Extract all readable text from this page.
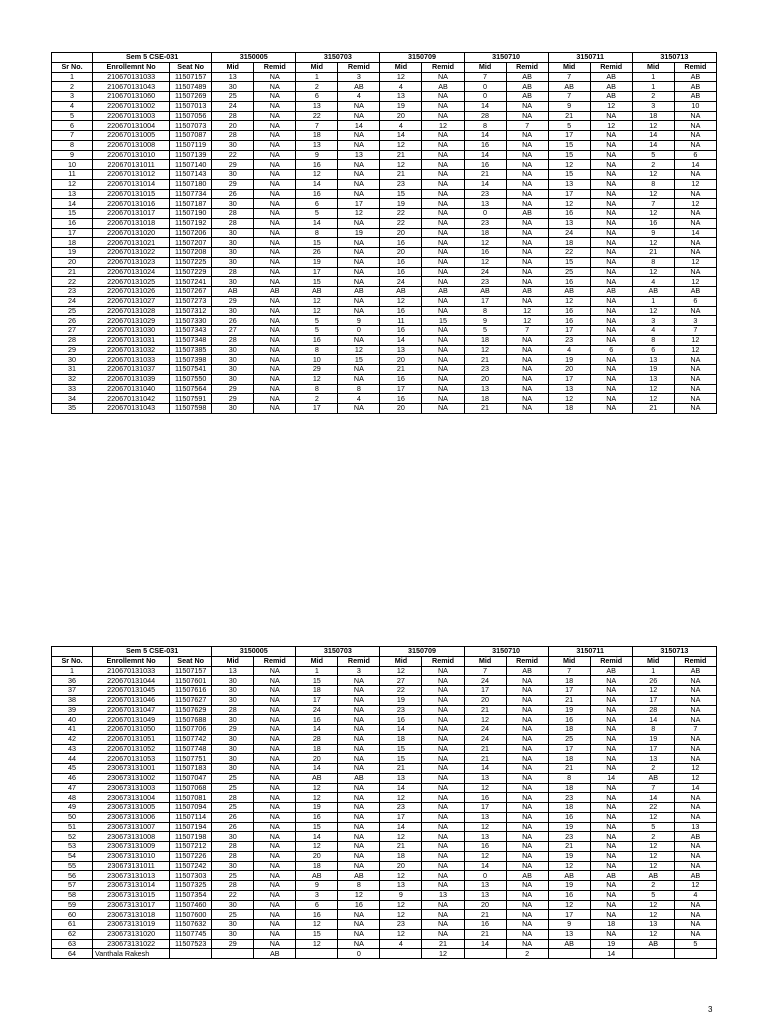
	Sem 5 CSE-031		3150005		3150703		3150709		3150710		3150711		3150713	
Sr No.	Enrollemnt No	Seat No	Mid	Remid	Mid	Remid	Mid	Remid	Mid	Remid	Mid	Remid	Mid	Remid
1	210670131033	11507157	13	NA	1	3	12	NA	7	AB	7	AB	1	AB
2	210670131043	11507489	30	NA	2	AB	4	AB	0	AB	AB	AB	1	AB
3	210670131060	11507269	25	NA	6	4	13	NA	0	AB	7	AB	2	AB
4	220670131002	11507013	24	NA	13	NA	19	NA	14	NA	9	12	3	10
5	220670131003	11507056	28	NA	22	NA	20	NA	28	NA	21	NA	18	NA
6	220670131004	11507073	20	NA	7	14	4	12	8	7	5	12	12	NA
7	220670131005	11507087	28	NA	18	NA	14	NA	14	NA	17	NA	14	NA
8	220670131008	11507119	30	NA	13	NA	12	NA	16	NA	15	NA	14	NA
9	220670131010	11507139	22	NA	9	13	21	NA	14	NA	15	NA	5	6
10	220670131011	11507140	29	NA	16	NA	12	NA	16	NA	12	NA	2	14
11	220670131012	11507143	30	NA	12	NA	21	NA	21	NA	15	NA	12	NA
12	220670131014	11507180	29	NA	14	NA	23	NA	14	NA	13	NA	8	12
13	220670131015	11507734	26	NA	16	NA	15	NA	23	NA	17	NA	12	NA
14	220670131016	11507187	30	NA	6	17	19	NA	13	NA	12	NA	7	12
15	220670131017	11507190	28	NA	5	12	22	NA	0	AB	16	NA	12	NA
16	220670131018	11507192	28	NA	14	NA	22	NA	23	NA	13	NA	16	NA
17	220670131020	11507206	30	NA	8	19	20	NA	18	NA	24	NA	9	14
18	220670131021	11507207	30	NA	15	NA	16	NA	12	NA	18	NA	12	NA
19	220670131022	11507208	30	NA	26	NA	20	NA	16	NA	22	NA	21	NA
20	220670131023	11507225	30	NA	19	NA	16	NA	12	NA	15	NA	8	12
21	220670131024	11507229	28	NA	17	NA	16	NA	24	NA	25	NA	12	NA
22	220670131025	11507241	30	NA	15	NA	24	NA	23	NA	16	NA	4	12
23	220670131026	11507267	AB	AB	AB	AB	AB	AB	AB	AB	AB	AB	AB	AB
24	220670131027	11507273	29	NA	12	NA	12	NA	17	NA	12	NA	1	6
25	220670131028	11507312	30	NA	12	NA	16	NA	8	12	16	NA	12	NA
26	220670131029	11507330	26	NA	5	9	11	15	9	12	16	NA	3	3
27	220670131030	11507343	27	NA	5	0	16	NA	5	7	17	NA	4	7
28	220670131031	11507348	28	NA	16	NA	14	NA	18	NA	23	NA	8	12
29	220670131032	11507385	30	NA	8	12	13	NA	12	NA	4	6	6	12
30	220670131033	11507398	30	NA	10	15	20	NA	21	NA	19	NA	13	NA
31	220670131037	11507541	30	NA	29	NA	21	NA	23	NA	20	NA	19	NA
32	220670131039	11507550	30	NA	12	NA	16	NA	20	NA	17	NA	13	NA
33	220670131040	11507564	29	NA	8	8	17	NA	13	NA	13	NA	12	NA
34	220670131042	11507591	29	NA	2	4	16	NA	18	NA	12	NA	12	NA
35	220670131043	11507598	30	NA	17	NA	20	NA	21	NA	18	NA	21	NA
	Sem 5 CSE-031		3150005		3150703		3150709		3150710		3150711		3150713	
Sr No.	Enrollemnt No	Seat No	Mid	Remid	Mid	Remid	Mid	Remid	Mid	Remid	Mid	Remid	Mid	Remid
1	210670131033	11507157	13	NA	1	3	12	NA	7	AB	7	AB	1	AB
36	220670131044	11507601	30	NA	15	NA	27	NA	24	NA	18	NA	26	NA
37	220670131045	11507616	30	NA	18	NA	22	NA	17	NA	17	NA	12	NA
38	220670131046	11507627	30	NA	17	NA	19	NA	20	NA	21	NA	17	NA
39	220670131047	11507629	28	NA	24	NA	23	NA	21	NA	19	NA	28	NA
40	220670131049	11507688	30	NA	16	NA	16	NA	12	NA	16	NA	14	NA
41	220670131050	11507706	29	NA	14	NA	14	NA	24	NA	18	NA	8	7
42	220670131051	11507742	30	NA	28	NA	18	NA	24	NA	25	NA	19	NA
43	220670131052	11507748	30	NA	18	NA	15	NA	21	NA	17	NA	17	NA
44	220670131053	11507751	30	NA	20	NA	15	NA	21	NA	18	NA	13	NA
45	230673131001	11507183	30	NA	14	NA	21	NA	14	NA	21	NA	2	12
46	230673131002	11507047	25	NA	AB	AB	13	NA	13	NA	8	14	AB	12
47	230673131003	11507068	25	NA	12	NA	14	NA	12	NA	18	NA	7	14
48	230673131004	11507081	28	NA	12	NA	12	NA	16	NA	23	NA	14	NA
49	230673131005	11507094	25	NA	19	NA	23	NA	17	NA	18	NA	22	NA
50	230673131006	11507114	26	NA	16	NA	17	NA	13	NA	16	NA	12	NA
51	230673131007	11507194	26	NA	15	NA	14	NA	12	NA	19	NA	5	13
52	230673131008	11507198	30	NA	14	NA	12	NA	13	NA	23	NA	2	AB
53	230673131009	11507212	28	NA	12	NA	21	NA	16	NA	21	NA	12	NA
54	230673131010	11507226	28	NA	20	NA	18	NA	12	NA	19	NA	12	NA
55	230673131011	11507242	30	NA	18	NA	20	NA	14	NA	12	NA	12	NA
56	230673131013	11507303	25	NA	AB	AB	12	NA	0	AB	AB	AB	AB	AB
57	230673131014	11507325	28	NA	9	8	13	NA	13	NA	19	NA	2	12
58	230673131015	11507354	22	NA	3	12	9	13	13	NA	16	NA	5	4
59	230673131017	11507460	30	NA	6	16	12	NA	20	NA	12	NA	12	NA
60	230673131018	11507600	25	NA	16	NA	12	NA	21	NA	17	NA	12	NA
61	230673131019	11507632	30	NA	12	NA	23	NA	16	NA	9	18	13	NA
62	230673131020	11507745	30	NA	15	NA	12	NA	21	NA	13	NA	12	NA
63	230673131022	11507523	29	NA	12	NA	4	21	14	NA	AB	19	AB	5
64	Vanthala Rakesh			AB		0		12		2		14		
3
